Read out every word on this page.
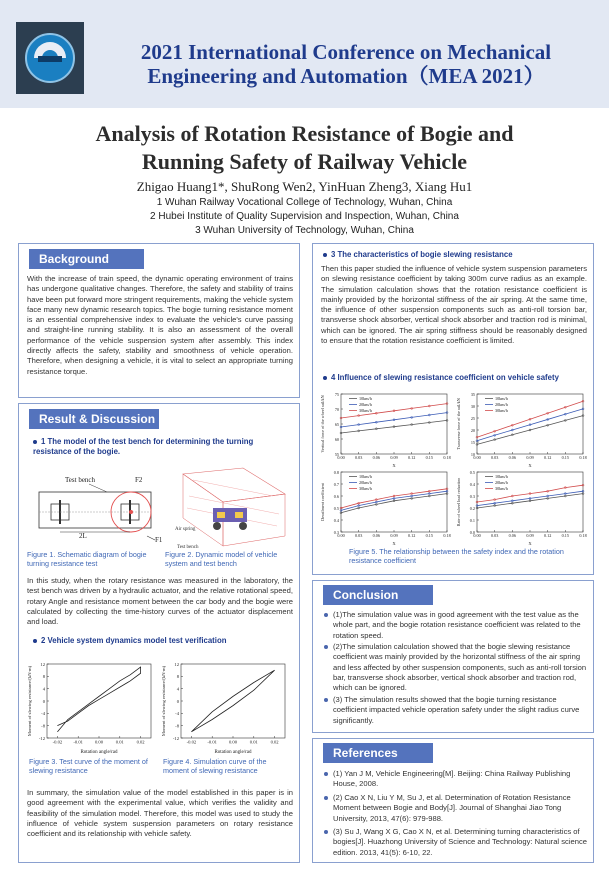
2021 International Conference on Mechanical
Engineering and Automation（MEA 2021）
Analysis of Rotation Resistance of Bogie and
Running Safety of Railway Vehicle
Zhigao Huang1*, ShuRong Wen2, YinHuan Zheng3, Xiang Hu1
1 Wuhan Railway Vocational College of Technology, Wuhan, China
2 Hubei Institute of Quality Supervision and Inspection, Wuhan, China
3 Wuhan University of Technology, Wuhan, China
Background
With the increase of train speed, the dynamic operating environment of trains has undergone qualitative changes. Therefore, the safety and stability of trains have been put forward more stringent requirements, making the vehicle system face many new dynamic research topics. The bogie turning resistance moment is an essential comprehensive index to evaluate the vehicle's curve passing and straight-line running stability. It is also an assessment of the overall performance of the vehicle suspension system after assembly. This index directly affects the safety, stability and smoothness of vehicle operation. Therefore, when designing a vehicle, it is vital to select an appropriate turning resistance torque.
Result & Discussion
1 The model of the test bench for determining the turning resistance of the bogie.
Test bench	F2
F1
2L
Air spring
Test bench
Figure 1. Schematic diagram of bogie turning resistance test
Figure 2. Dynamic model of vehicle system and test bench
In this study, when the rotary resistance was measured in the laboratory, the test bench was driven by a hydraulic actuator, and the relative rotational speed, rotary Angle and resistance moment between the car body and the bogie were calculated by collecting the time-history curves of the actuator displacement and load.
2 Vehicle system dynamics model test verification
12
8
4
0
-4
-8
-12
-0.02 -0.01	0.00	0.01	0.02
Rotation angle/rad
Moment of slewing resistance/(kN·m)
12
8
4
0
-4
-8
-12
-0.02 -0.01	0.00	0.01	0.02
Rotation angle/rad
Moment of slewing resistance/(kN·m)
Figure 3. Test curve of the moment of slewing resistance
Figure 4. Simulation curve of the moment of slewing resistance
In summary, the simulation value of the model established in this paper is in good agreement with the experimental value, which verifies the validity and feasibility of the simulation model. Therefore, this model was used to study the influence of vehicle system suspension parameters on rotary resistance coefficient and its relationship with vehicle safety.
3 The characteristics of bogie slewing resistance
Then this paper studied the influence of vehicle system suspension parameters on slewing resistance coefficient by taking 300m curve radius as an example. The simulation calculation shows that the rotation resistance coefficient is mainly provided by the horizontal stiffness of the air spring. At the same time, the influence of other suspension components such as anti-roll torsion bar, transverse shock absorber, vertical shock absorber and traction rod is minimal, which can be ignored. The air spring stiffness should be reasonably designed to ensure that the rotation resistance coefficient is limited.
4 Influence of slewing resistance coefficient on vehicle safety
75
70
65
60
55
0.00 0.03 0.06 0.09 0.12 0.15 0.18
X
Vertical force of the wheel rail/kN	10km/h
20km/h
30km/h
35
30
25
20
15
10
0.00 0.03 0.06 0.09 0.12 0.15 0.18
X
Transverse force of the rail/kN	10km/h
20km/h
30km/h
0.8
0.7
0.6
0.5
0.4
0.3
0.00 0.03 0.06 0.09 0.12 0.15 0.18
X
Derailment coefficient
10km/h
20km/h
30km/h
0.5
0.4
0.3
0.2
0.1
0.0
0.00 0.03 0.06 0.09 0.12 0.15 0.18
X
Rate of wheel load reduction
10km/h
20km/h
30km/h
Figure 5. The relationship between the safety index and the rotation resistance coefficient
Conclusion
(1)The simulation value was in good agreement with the test value as the whole part, and the bogie rotation resistance coefficient was related to the rotation speed.
(2)The simulation calculation showed that the bogie slewing resistance coefficient was mainly provided by the horizontal stiffness of the air spring and less affected by other suspension components, such as anti-roll torsion bar, transverse shock absorber, vertical shock absorber and traction rod, which can be ignored.
(3) The simulation results showed that the bogie turning resistance coefficient impacted vehicle operation safety under the slight radius curve significantly.
References
(1) Yan J M, Vehicle Engineering[M]. Beijing: China Railway Publishing House, 2008.
(2) Cao X N, Liu Y M, Su J, et al. Determination of Rotation Resistance Moment between Bogie and Body[J]. Journal of Shanghai Jiao Tong University, 2013, 47(6): 979-988.
(3) Su J, Wang X G, Cao X N, et al. Determining turning characteristics of bogies[J]. Huazhong University of Science and Technology: Natural science edition. 2013, 41(5): 6-10, 22.
